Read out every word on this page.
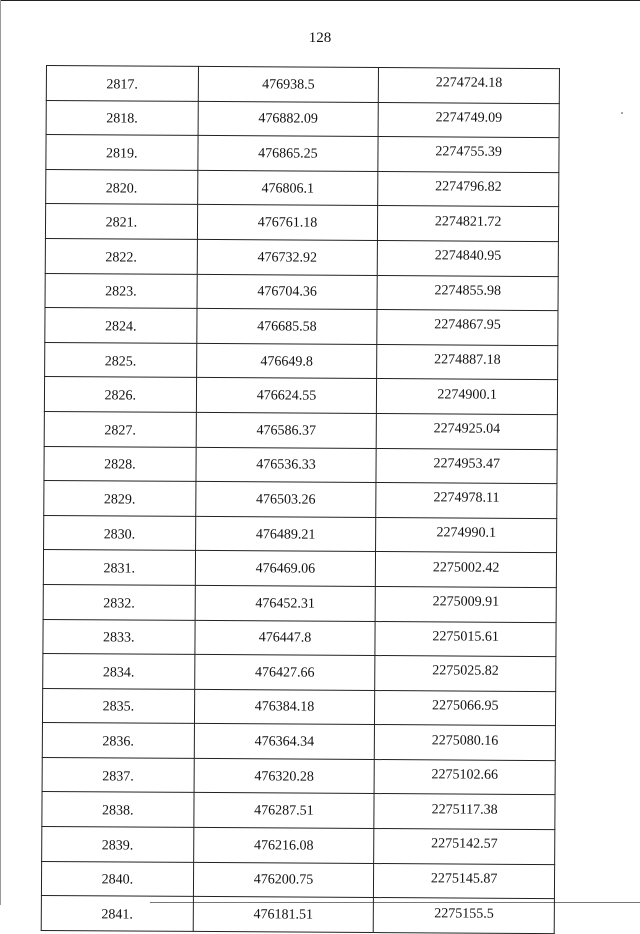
128
2817.	476938.5	2274724.18
2818.	476882.09	2274749.09
2819.	476865.25	2274755.39
2820.	476806.1	2274796.82
2821.	476761.18	2274821.72
2822.	476732.92	2274840.95
2823.	476704.36	2274855.98
2824.	476685.58	2274867.95
2825.	476649.8	2274887.18
2826.	476624.55	2274900.1
2827.	476586.37	2274925.04
2828.	476536.33	2274953.47
2829.	476503.26	2274978.11
2830.	476489.21	2274990.1
2831.	476469.06	2275002.42
2832.	476452.31	2275009.91
2833.	476447.8	2275015.61
2834.	476427.66	2275025.82
2835.	476384.18	2275066.95
2836.	476364.34	2275080.16
2837.	476320.28	2275102.66
2838.	476287.51	2275117.38
2839.	476216.08	2275142.57
2840.	476200.75	2275145.87
2841.	476181.51	2275155.5
